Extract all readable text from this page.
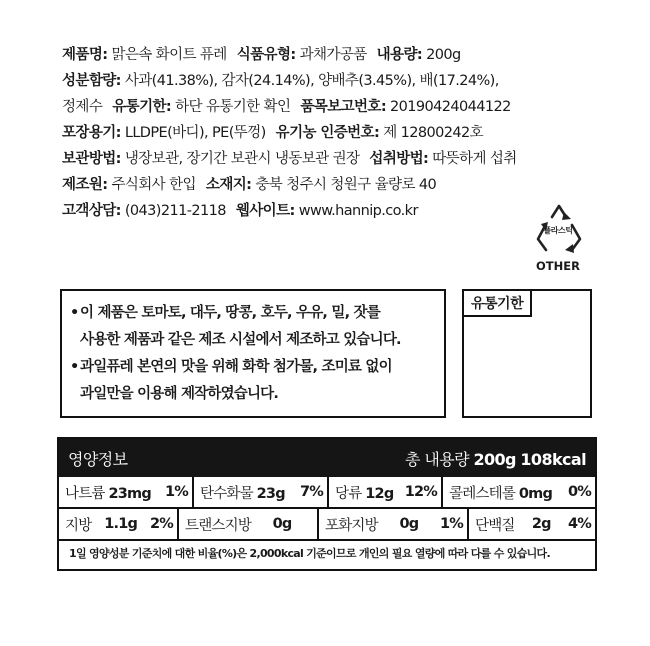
제품명: 맑은속 화이트 퓨레 식품유형: 과채가공품 내용량: 200g
성분함량: 사과(41.38%), 감자(24.14%), 양배추(3.45%), 배(17.24%),
정제수 유통기한: 하단 유통기한 확인 품목보고번호: 20190424044122
포장용기: LLDPE(바디), PE(뚜껑) 유기농 인증번호: 제 12800242호
보관방법: 냉장보관, 장기간 보관시 냉동보관 권장 섭취방법: 따뜻하게 섭취
제조원: 주식회사 한입 소재지: 충북 청주시 청원구 율량로 40
고객상담: (043)211-2118 웹사이트: www.hannip.co.kr
플라스틱
OTHER
• 이 제품은 토마토, 대두, 땅콩, 호두, 우유, 밀, 잣를
사용한 제품과 같은 제조 시설에서 제조하고 있습니다.
• 과일퓨레 본연의 맛을 위해 화학 첨가물, 조미료 없이
과일만을 이용해 제작하였습니다.
유통기한
영양정보	총 내용량 200g 108kcal
나트륨 23mg 1% 탄수화물 23g 7% 당류 12g 12% 콜레스테롤 0mg 0%
지방 1.1g 2% 트랜스지방 0g 포화지방 0g 1% 단백질 2g 4%
1일 영양성분 기준치에 대한 비율(%)은 2,000kcal 기준이므로 개인의 필요 열량에 따라 다를 수 있습니다.
